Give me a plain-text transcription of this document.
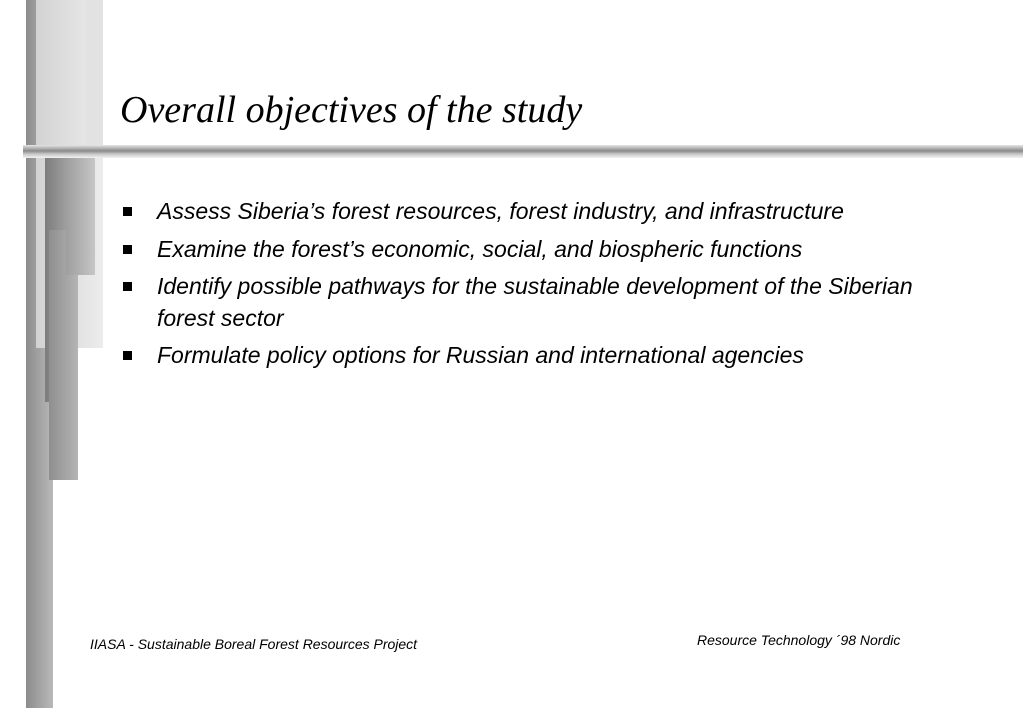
Overall objectives of the study
Assess Siberia’s forest resources, forest industry, and infrastructure
Examine the forest’s economic, social, and biospheric functions
Identify possible pathways for the sustainable development of the Siberian forest sector
Formulate policy options for Russian and international agencies
IIASA - Sustainable Boreal Forest Resources Project	Resource Technology ´98 Nordic
